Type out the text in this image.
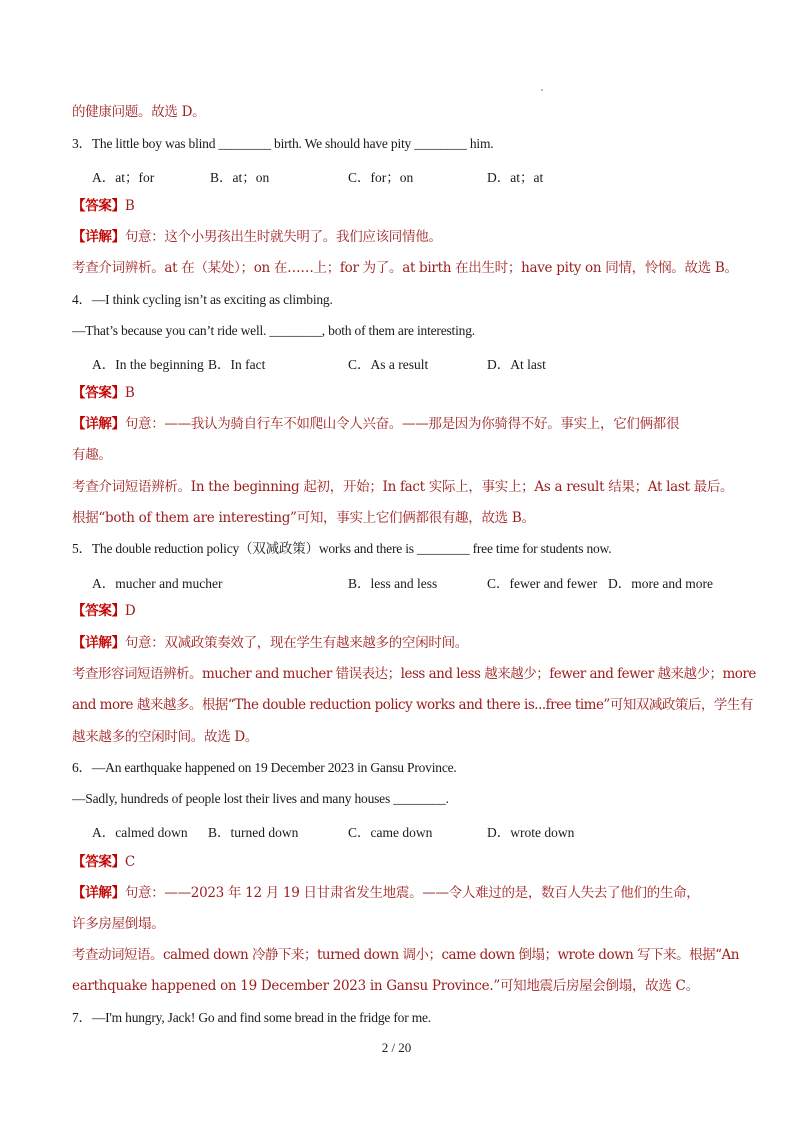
的健康问题。故选 D。
3．The little boy was blind ________ birth. We should have pity ________ him.
A．at；for	B．at；on	C．for；on	D．at；at
【答案】B
【详解】句意：这个小男孩出生时就失明了。我们应该同情他。
考查介词辨析。at 在（某处）；on 在……上；for 为了。at birth 在出生时；have pity on 同情，怜悯。故选 B。
4．—I think cycling isn’t as exciting as climbing.
—That’s because you can’t ride well. ________, both of them are interesting.
A．In the beginning B．In fact	C．As a result	D．At last
【答案】B
【详解】句意：——我认为骑自行车不如爬山令人兴奋。——那是因为你骑得不好。事实上，它们俩都很
有趣。
考查介词短语辨析。In the beginning 起初，开始；In fact 实际上，事实上；As a result 结果；At last 最后。
根据“both of them are interesting”可知，事实上它们俩都很有趣，故选 B。
5．The double reduction policy（双减政策）works and there is ________ free time for students now.
A．mucher and mucher	B．less and less	C．fewer and fewer D．more and more
【答案】D
【详解】句意：双减政策奏效了，现在学生有越来越多的空闲时间。
考查形容词短语辨析。mucher and mucher 错误表达；less and less 越来越少；fewer and fewer 越来越少；more
and more 越来越多。根据“The double reduction policy works and there is...free time”可知双减政策后，学生有
越来越多的空闲时间。故选 D。
6．—An earthquake happened on 19 December 2023 in Gansu Province.
—Sadly, hundreds of people lost their lives and many houses ________.
A．calmed down B．turned down	C．came down	D．wrote down
【答案】C
【详解】句意：——2023 年 12 月 19 日甘肃省发生地震。——令人难过的是，数百人失去了他们的生命，
许多房屋倒塌。
考查动词短语。calmed down 冷静下来；turned down 调小；came down 倒塌；wrote down 写下来。根据“An
earthquake happened on 19 December 2023 in Gansu Province.”可知地震后房屋会倒塌，故选 C。
7．—I'm hungry, Jack! Go and find some bread in the fridge for me.
2 / 20
